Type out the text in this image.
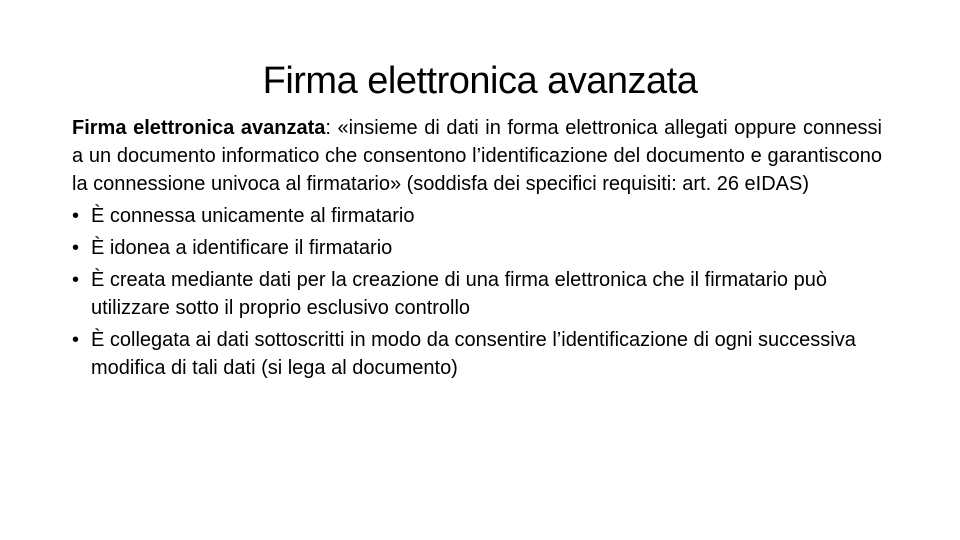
Firma elettronica avanzata

Firma elettronica avanzata: «insieme di dati in forma elettronica allegati oppure connessi a un documento informatico che consentono l’identificazione del documento e garantiscono la connessione univoca al firmatario» (soddisfa dei specifici requisiti: art. 26 eIDAS)

• È connessa unicamente al firmatario
• È idonea a identificare il firmatario
• È creata mediante dati per la creazione di una firma elettronica che il firmatario può utilizzare sotto il proprio esclusivo controllo
• È collegata ai dati sottoscritti in modo da consentire l’identificazione di ogni successiva modifica di tali dati (si lega al documento)
